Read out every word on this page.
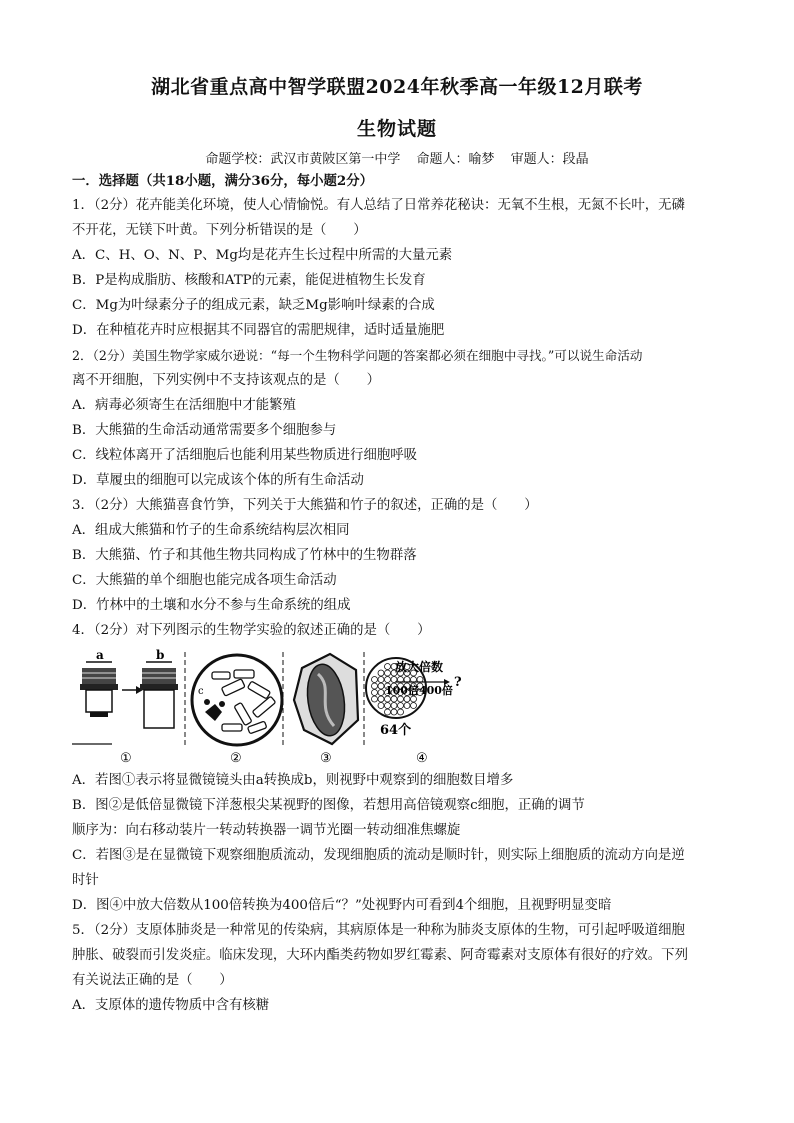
湖北省重点高中智学联盟2024年秋季高一年级12月联考
生物试题
命题学校：武汉市黄陂区第一中学 命题人：喻梦 审题人：段晶
一．选择题（共18小题，满分36分，每小题2分）
1．（2分）花卉能美化环境，使人心情愉悦。有人总结了日常养花秘诀：无氧不生根，无氮不长叶，无磷
不开花，无镁下叶黄。下列分析错误的是（　　）
A．C、H、O、N、P、Mg均是花卉生长过程中所需的大量元素
B．P是构成脂肪、核酸和ATP的元素，能促进植物生长发育
C．Mg为叶绿素分子的组成元素，缺乏Mg影响叶绿素的合成
D．在种植花卉时应根据其不同器官的需肥规律，适时适量施肥
2．（2分）美国生物学家威尔逊说：“每一个生物科学问题的答案都必须在细胞中寻找。”可以说生命活动
离不开细胞，下列实例中不支持该观点的是（　　）
A．病毒必须寄生在活细胞中才能繁殖
B．大熊猫的生命活动通常需要多个细胞参与
C．线粒体离开了活细胞后也能利用某些物质进行细胞呼吸
D．草履虫的细胞可以完成该个体的所有生命活动
3．（2分）大熊猫喜食竹笋，下列关于大熊猫和竹子的叙述，正确的是（　　）
A．组成大熊猫和竹子的生命系统结构层次相同
B．大熊猫、竹子和其他生物共同构成了竹林中的生物群落
C．大熊猫的单个细胞也能完成各项生命活动
D．竹林中的土壤和水分不参与生命系统的组成
4．（2分）对下列图示的生物学实验的叙述正确的是（　　）
a	b
①
c
②	③
放大倍数
100倍400倍
?
64个
④
A．若图①表示将显微镜镜头由a转换成b，则视野中观察到的细胞数目增多
B．图②是低倍显微镜下洋葱根尖某视野的图像，若想用高倍镜观察c细胞，正确的调节
顺序为：向右移动装片一转动转换器一调节光圈一转动细准焦螺旋
C．若图③是在显微镜下观察细胞质流动，发现细胞质的流动是顺时针，则实际上细胞质的流动方向是逆
时针
D．图④中放大倍数从100倍转换为400倍后“？”处视野内可看到4个细胞，且视野明显变暗
5．（2分）支原体肺炎是一种常见的传染病，其病原体是一种称为肺炎支原体的生物，可引起呼吸道细胞
肿胀、破裂而引发炎症。临床发现，大环内酯类药物如罗红霉素、阿奇霉素对支原体有很好的疗效。下列
有关说法正确的是（　　）
A．支原体的遗传物质中含有核糖
